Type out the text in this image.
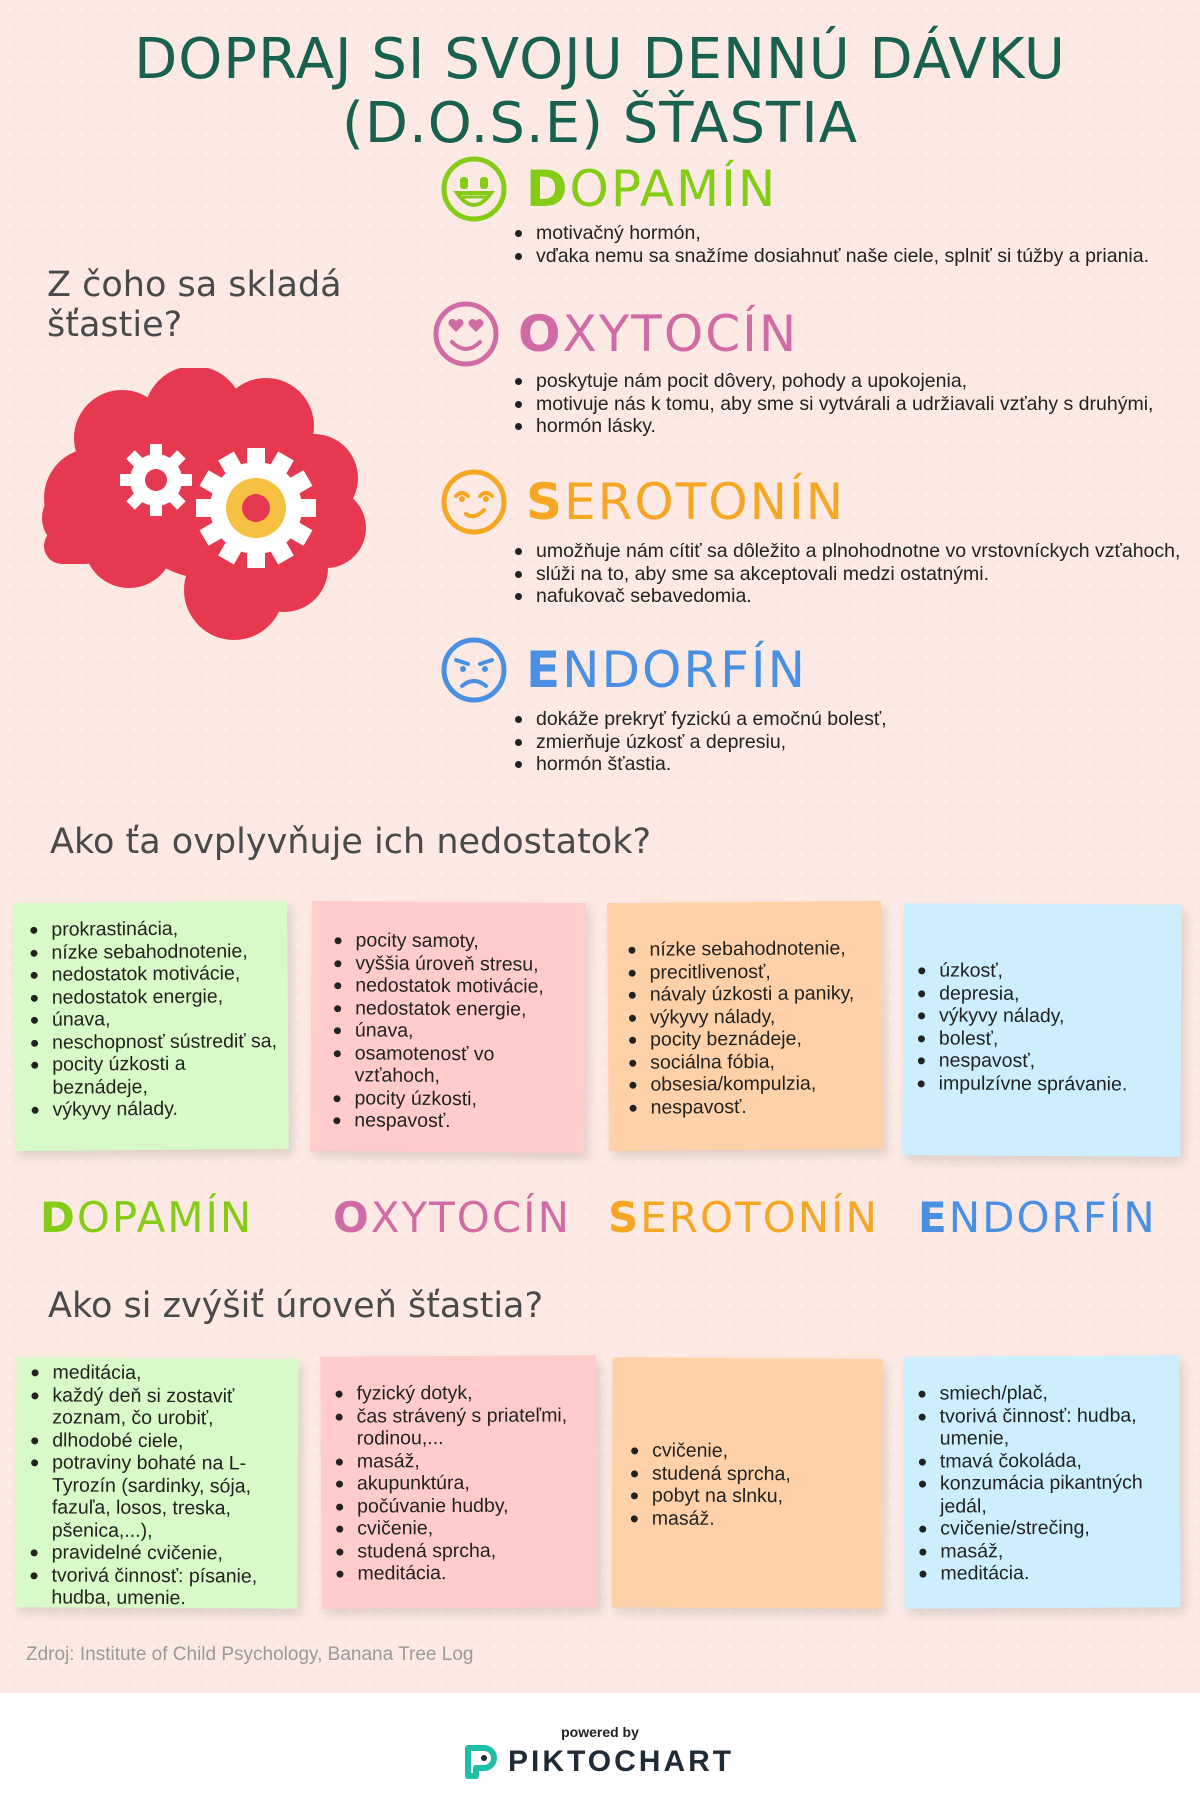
DOPRAJ SI SVOJU DENNÚ DÁVKU
(D.O.S.E) ŠŤASTIA
Z čoho sa skladá
šťastie?
D OPAMÍN
motivačný hormón,
vďaka nemu sa snažíme dosiahnuť naše ciele, splniť si túžby a priania.
O XYTOCÍN
poskytuje nám pocit dôvery, pohody a upokojenia,
motivuje nás k tomu, aby sme si vytvárali a udržiavali vzťahy s druhými,
hormón lásky.
S EROTONÍN
umožňuje nám cítiť sa dôležito a plnohodnotne vo vrstovníckych vzťahoch,
slúži na to, aby sme sa akceptovali medzi ostatnými.
nafukovač sebavedomia.
E NDORFÍN
dokáže prekryť fyzickú a emočnú bolesť,
zmierňuje úzkosť a depresiu,
hormón šťastia.
Ako ťa ovplyvňuje ich nedostatok?
prokrastinácia,
nízke sebahodnotenie,
nedostatok motivácie,
nedostatok energie,
únava,
neschopnosť sústrediť sa,
pocity úzkosti a beznádeje,
výkyvy nálady.
pocity samoty,
vyššia úroveň stresu,
nedostatok motivácie,
nedostatok energie,
únava,
osamotenosť vo vzťahoch,
pocity úzkosti,
nespavosť.
nízke sebahodnotenie,
precitlivenosť,
návaly úzkosti a paniky,
výkyvy nálady,
pocity beznádeje,
sociálna fóbia,
obsesia/kompulzia,
nespavosť.
úzkosť,
depresia,
výkyvy nálady,
bolesť,
nespavosť,
impulzívne správanie.
DOPAMÍN OXYTOCÍN SEROTONÍN ENDORFÍN
Ako si zvýšiť úroveň šťastia?
meditácia,
každý deň si zostaviť zoznam, čo urobiť,
dlhodobé ciele,
potraviny bohaté na L-Tyrozín (sardinky, sója, fazuľa, losos, treska, pšenica,...),
pravidelné cvičenie,
tvorivá činnosť: písanie, hudba, umenie.
fyzický dotyk,
čas strávený s priateľmi, rodinou,...
masáž,
akupunktúra,
počúvanie hudby,
cvičenie,
studená sprcha,
meditácia.
cvičenie,
studená sprcha,
pobyt na slnku,
masáž.
smiech/plač,
tvorivá činnosť: hudba, umenie,
tmavá čokoláda,
konzumácia pikantných jedál,
cvičenie/strečing,
masáž,
meditácia.
Zdroj: Institute of Child Psychology, Banana Tree Log
powered by
PIKTOCHART
